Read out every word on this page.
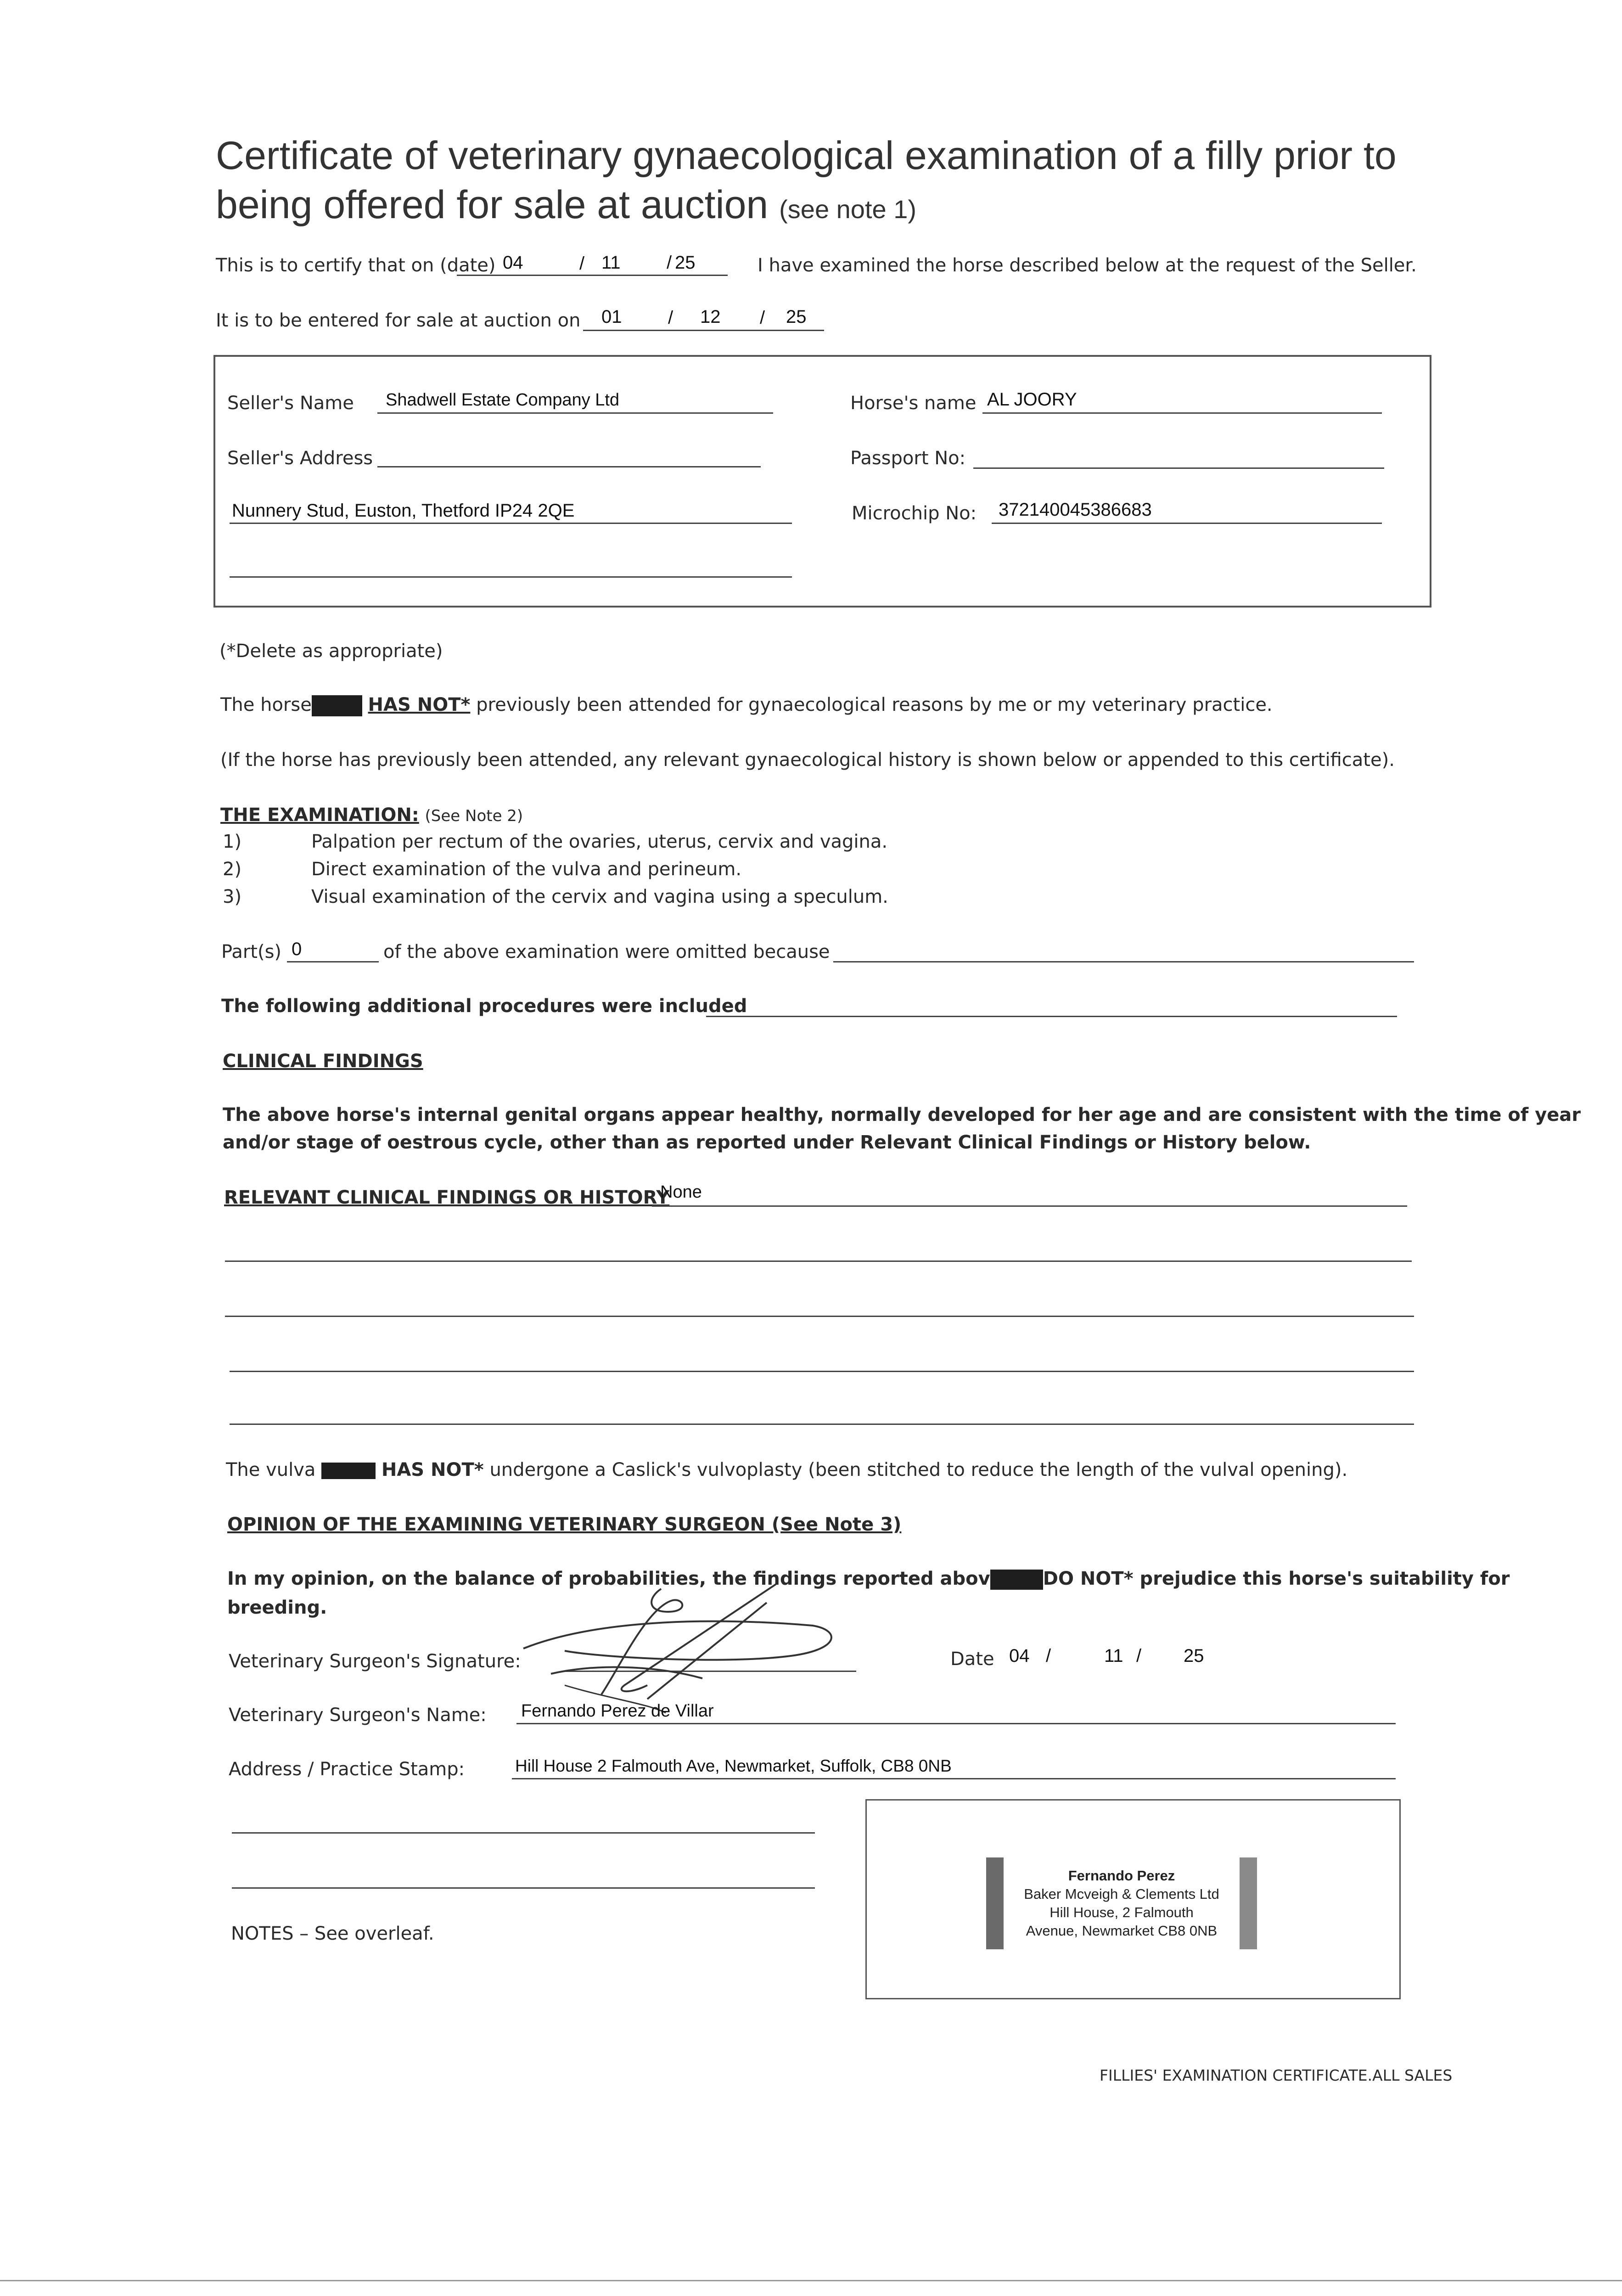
Certificate of veterinary gynaecological examination of a filly prior to
being offered for sale at auction (see note 1)
This is to certify that on (date) 04	/ 11	/ 25	I have examined the horse described below at the request of the Seller.
It is to be entered for sale at auction on 01	/ 12 / 25
Seller's Name Shadwell Estate Company Ltd
Seller's Address
Nunnery Stud, Euston, Thetford IP24 2QE
Horse's name AL JOORY
Passport No:
Microchip No: 372140045386683
(*Delete as appropriate)
The horse	HAS NOT* previously been attended for gynaecological reasons by me or my veterinary practice.
(If the horse has previously been attended, any relevant gynaecological history is shown below or appended to this certificate).
THE EXAMINATION: (See Note 2)
1)	Palpation per rectum of the ovaries, uterus, cervix and vagina.
2)	Direct examination of the vulva and perineum.
3)	Visual examination of the cervix and vagina using a speculum.
Part(s) 0	of the above examination were omitted because
The following additional procedures were included
CLINICAL FINDINGS
The above horse's internal genital organs appear healthy, normally developed for her age and are consistent with the time of year
and/or stage of oestrous cycle, other than as reported under Relevant Clinical Findings or History below.
RELEVANT CLINICAL FINDINGS OR HISTORY
None
The vulva	HAS NOT* undergone a Caslick's vulvoplasty (been stitched to reduce the length of the vulval opening).
OPINION OF THE EXAMINING VETERINARY SURGEON (See Note 3)
In my opinion, on the balance of probabilities, the findings reported abov	DO NOT* prejudice this horse's suitability for
breeding.
Veterinary Surgeon's Signature:	Date 04 /	11 / 25
Veterinary Surgeon's Name: Fernando Perez de Villar
Address / Practice Stamp:	Hill House 2 Falmouth Ave, Newmarket, Suffolk, CB8 0NB
NOTES – See overleaf.
Fernando Perez
Baker Mcveigh & Clements Ltd
Hill House, 2 Falmouth
Avenue, Newmarket CB8 0NB
FILLIES' EXAMINATION CERTIFICATE.ALL SALES
